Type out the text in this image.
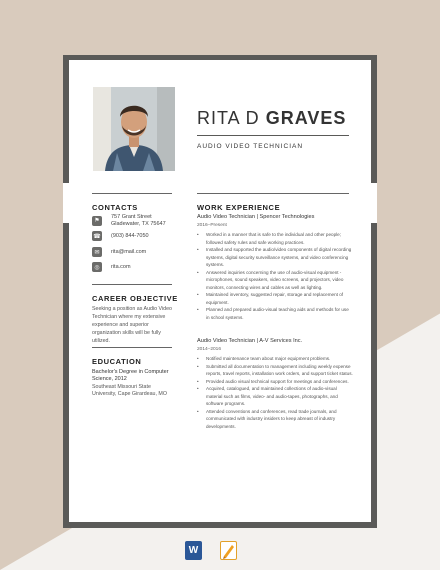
RITA D GRAVES
AUDIO VIDEO TECHNICIAN
CONTACTS
⚑
757 Grant Street
Gladewater, TX 75647
☎ (903) 844-7050
✉	rita@mail.com
◎	rita.com
CAREER OBJECTIVE
Seeking a position as Audio Video Technician where my extensive experience and superior organization skills will be fully utilized.
EDUCATION
Bachelor's Degree in Computer Science, 2012
Southeast Missouri State University, Cape Girardeau, MO
WORK EXPERIENCE
Audio Video Technician | Spencer Technologies
2016–Present
• Worked in a manner that is safe to the individual and other people; followed safety rules and safe working practices.
• Installed and supported the audio/video components of digital recording systems, digital security surveillance systems, and video conferencing systems.
• Answered inquiries concerning the use of audio-visual equipment - microphones, sound speakers, video screens, and projectors, video monitors, connecting wires and cables as well as lighting.
• Maintained inventory, suggested repair, storage and replacement of equipment.
• Planned and prepared audio-visual teaching aids and methods for use in school systems.
Audio Video Technician | A-V Services Inc.
2014–2016
• Notified maintenance team about major equipment problems.
• Submitted all documentation to management including weekly expense reports, travel reports, installation work orders, and support ticket status.
• Provided audio visual technical support for meetings and conferences.
• Acquired, catalogued, and maintained collections of audio-visual material such as films, video- and audio-tapes, photographs, and software programs.
• Attended conventions and conferences, read trade journals, and communicated with industry insiders to keep abreast of industry developments.
W
